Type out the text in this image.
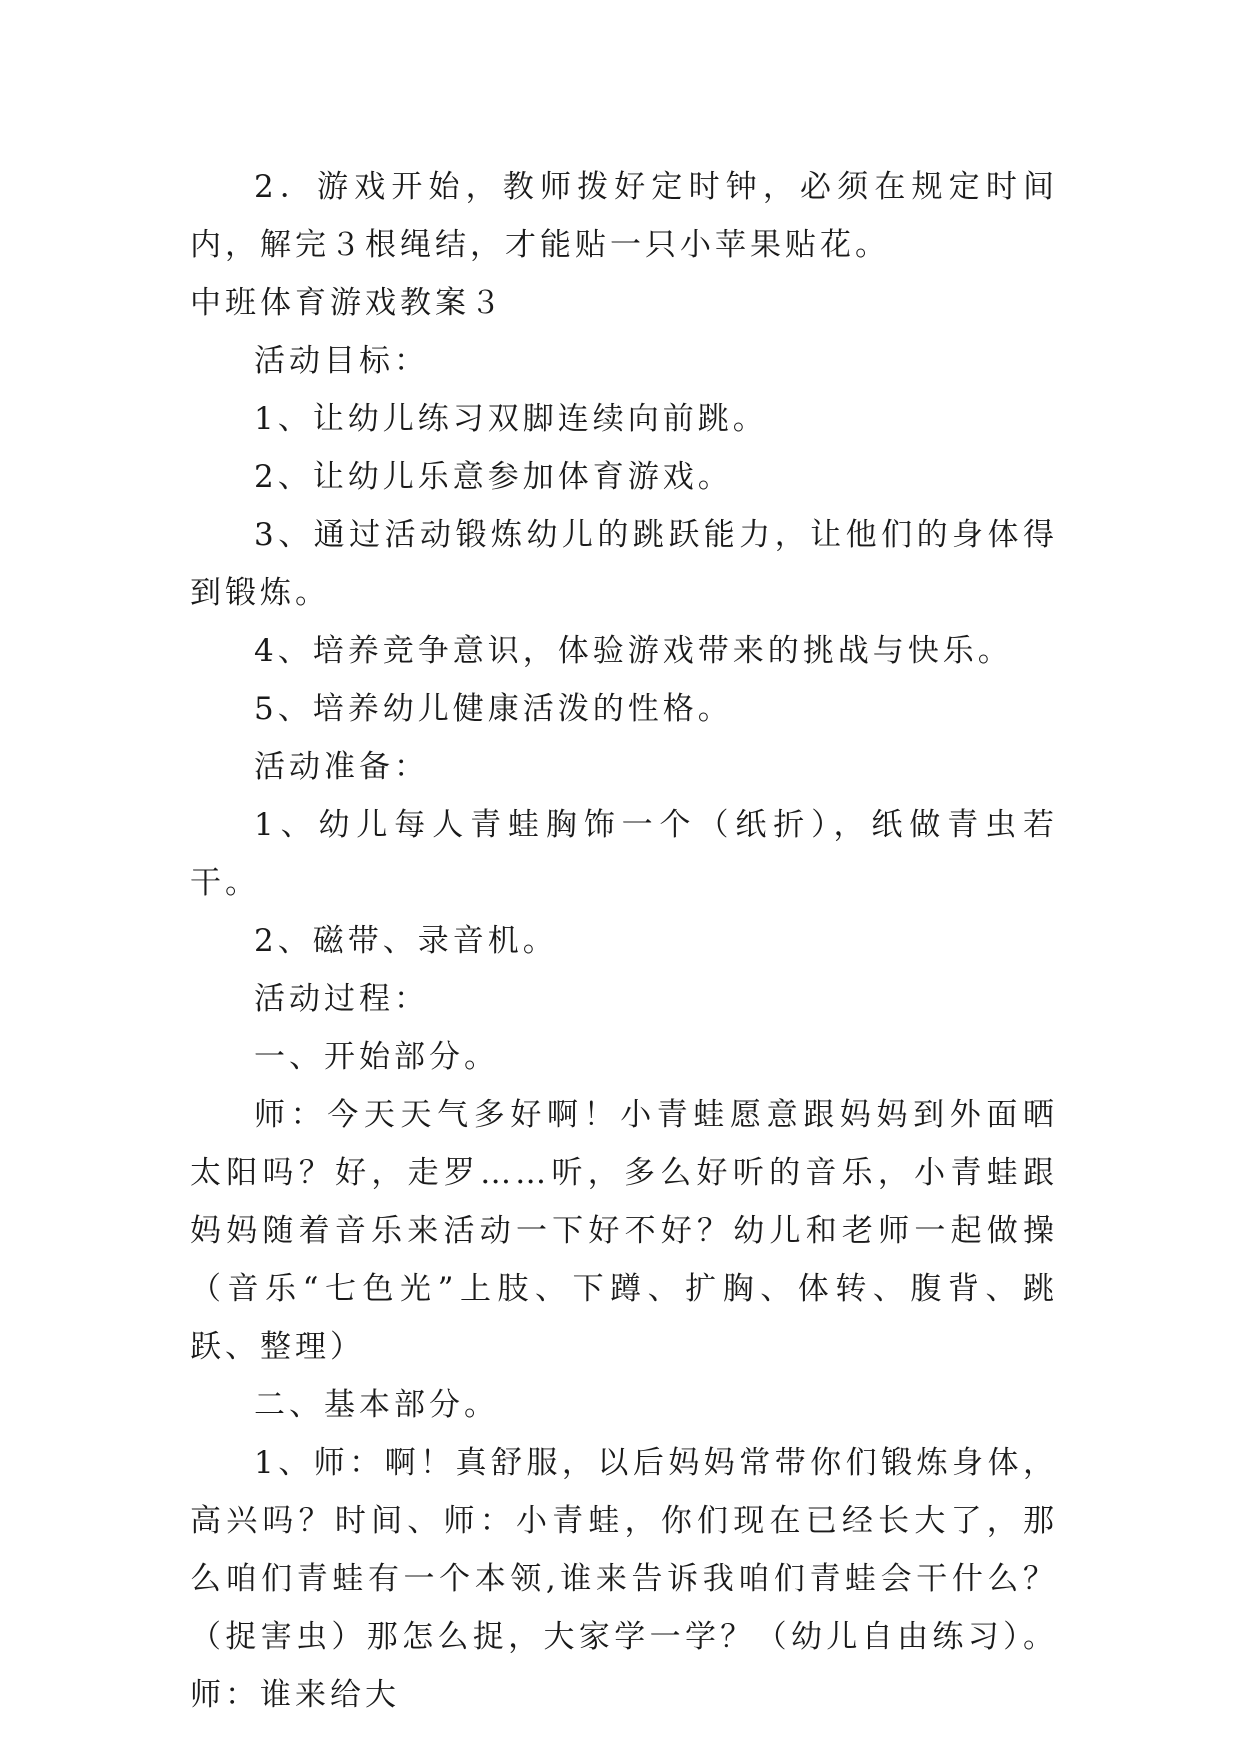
2．游戏开始，教师拨好定时钟，必须在规定时间内，解完３根绳结，才能贴一只小苹果贴花。

中班体育游戏教案３

活动目标：

1、让幼儿练习双脚连续向前跳。

2、让幼儿乐意参加体育游戏。

3、通过活动锻炼幼儿的跳跃能力，让他们的身体得到锻炼。

4、培养竞争意识，体验游戏带来的挑战与快乐。

5、培养幼儿健康活泼的性格。

活动准备：

1、幼儿每人青蛙胸饰一个（纸折），纸做青虫若干。

2、磁带、录音机。

活动过程：

一、开始部分。

师：今天天气多好啊！小青蛙愿意跟妈妈到外面晒太阳吗？好，走罗……听，多么好听的音乐，小青蛙跟妈妈随着音乐来活动一下好不好？幼儿和老师一起做操（音乐“七色光”上肢、下蹲、扩胸、体转、腹背、跳跃、整理）

二、基本部分。

1、师：啊！真舒服，以后妈妈常带你们锻炼身体，高兴吗？时间、师：小青蛙，你们现在已经长大了，那么咱们青蛙有一个本领,谁来告诉我咱们青蛙会干什么？（捉害虫）那怎么捉，大家学一学？（幼儿自由练习）。师：谁来给大
